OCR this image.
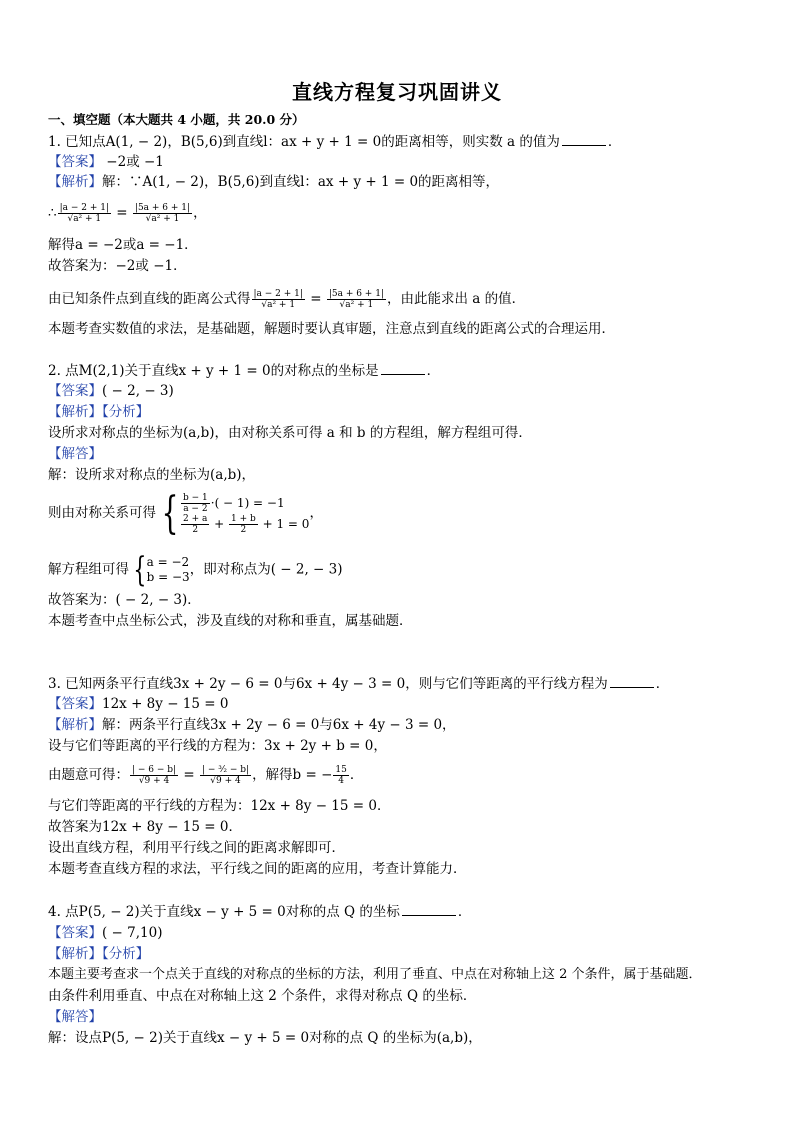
直线方程复习巩固讲义
一、填空题（本大题共 4 小题，共 20.0 分）
1. 已知点A(1, − 2)，B(5,6)到直线l：ax + y + 1 = 0的距离相等，则实数 a 的值为	．
【答案】 −2或 −1
【解析】解：∵A(1, − 2)，B(5,6)到直线l：ax + y + 1 = 0的距离相等，
∴ $\frac{|a - 2 + 1|}{\text{√a² + 1}} = \frac{|5a + 6 + 1|}{\text{√a² + 1}}$ ，
解得a = −2或a = −1．
故答案为：−2或 −1．
由已知条件点到直线的距离公式得 $\frac{|a - 2 + 1|}{\text{√a² + 1}} = \frac{|5a + 6 + 1|}{\text{√a² + 1}}$ ，由此能求出 a 的值．
本题考查实数值的求法，是基础题，解题时要认真审题，注意点到直线的距离公式的合理运用．
2. 点M(2,1)关于直线x + y + 1 = 0的对称点的坐标是	．
【答案】( − 2, − 3)
【解析】【分析】
设所求对称点的坐标为(a,b)，由对称关系可得 a 和 b 的方程组，解方程组可得．
【解答】
解：设所求对称点的坐标为(a,b)，
则由对称关系可得 { $\frac{b - 1}{a - 2}$ ·( − 1) = −1
$\frac{2 + a}{2} + \frac{1 + b}{2} + 1 = 0$
，
解方程组可得 { a = −2
b = −3 ，即对称点为( − 2, − 3)
故答案为：( − 2, − 3)．
本题考查中点坐标公式，涉及直线的对称和垂直，属基础题．
3. 已知两条平行直线3x + 2y − 6 = 0与6x + 4y − 3 = 0，则与它们等距离的平行线方程为	．
【答案】12x + 8y − 15 = 0
【解析】解：两条平行直线3x + 2y − 6 = 0与6x + 4y − 3 = 0，
设与它们等距离的平行线的方程为：3x + 2y + b = 0，
由题意可得： $\frac{| - 6 - b|}{√9 + 4} = \frac{\text{| − ³⁄₂ − b|}}{√9 + 4}$ ，解得b = − $\frac{15}{4}$ ．
与它们等距离的平行线的方程为：12x + 8y − 15 = 0．
故答案为12x + 8y − 15 = 0．
设出直线方程，利用平行线之间的距离求解即可．
本题考查直线方程的求法，平行线之间的距离的应用，考查计算能力．
4. 点P(5, − 2)关于直线x − y + 5 = 0对称的点 Q 的坐标	．
【答案】( − 7,10)
【解析】【分析】
本题主要考查求一个点关于直线的对称点的坐标的方法，利用了垂直、中点在对称轴上这 2 个条件，属于基础题．
由条件利用垂直、中点在对称轴上这 2 个条件，求得对称点 Q 的坐标．
【解答】
解：设点P(5, − 2)关于直线x − y + 5 = 0对称的点 Q 的坐标为(a,b)，
